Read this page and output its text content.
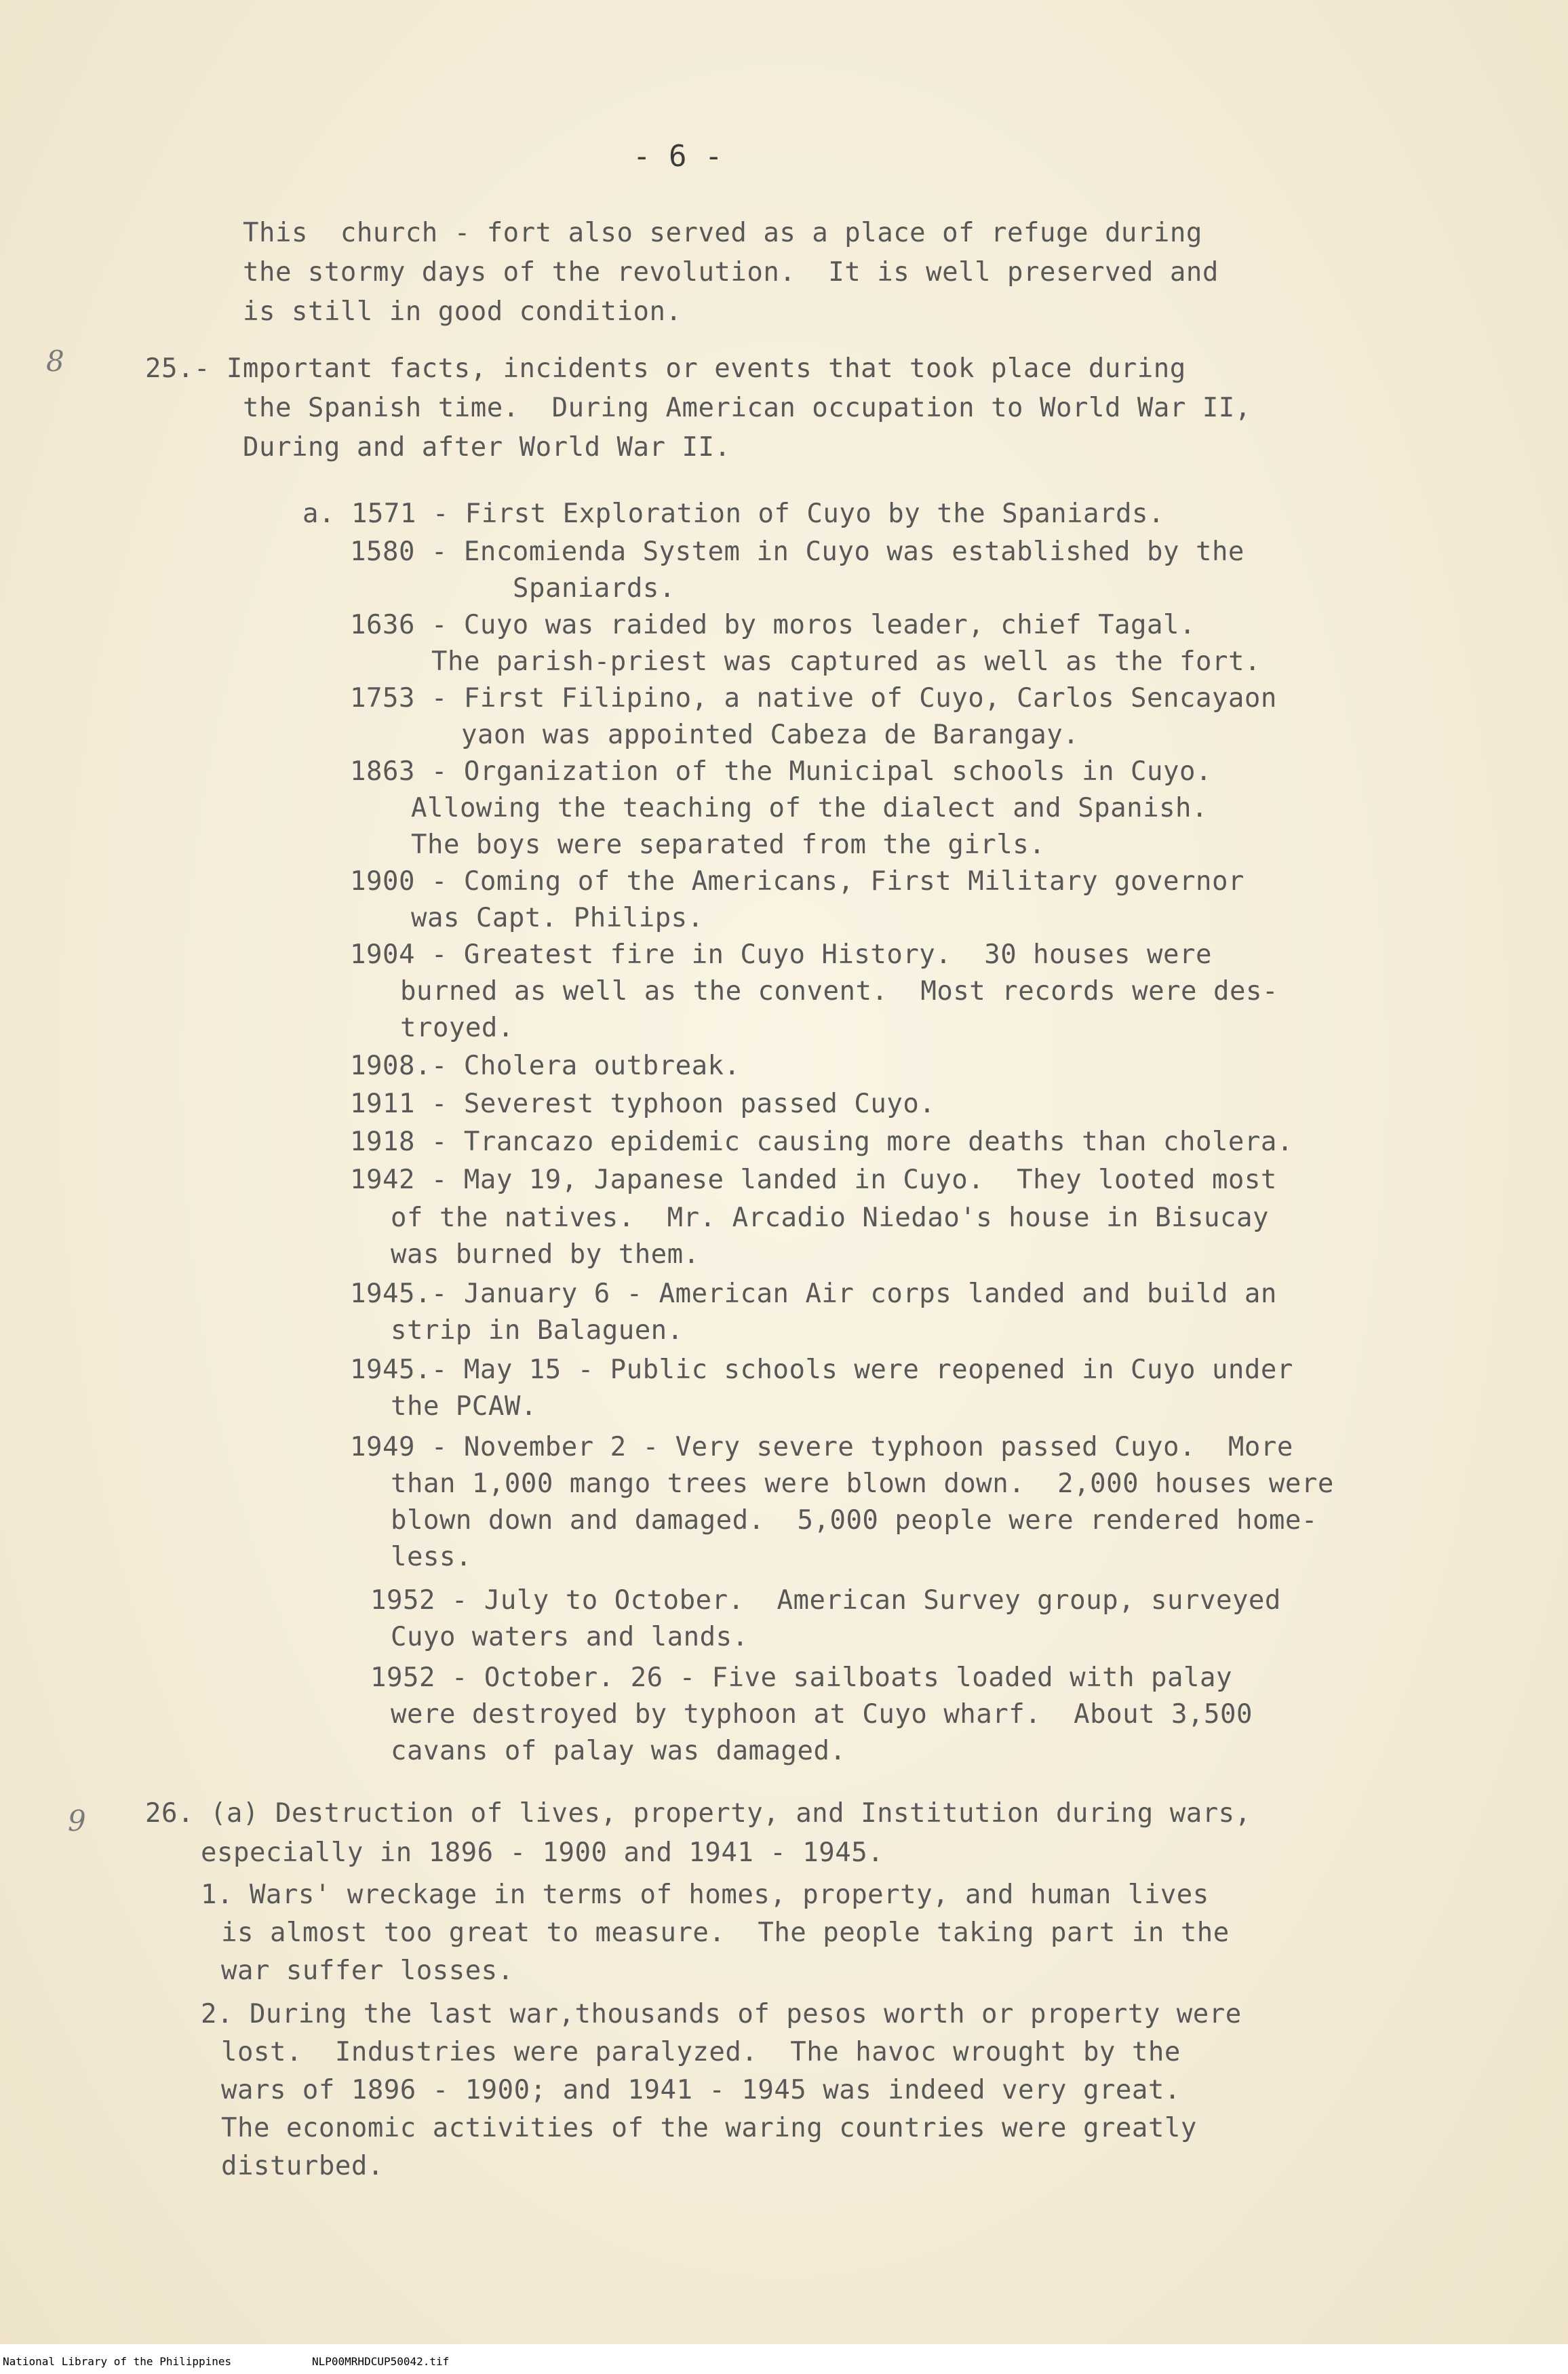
- 6 -
8
9
This  church - fort also served as a place of refuge during
the stormy days of the revolution.  It is well preserved and
is still in good condition.
25.- Important facts, incidents or events that took place during
the Spanish time.  During American occupation to World War II,
During and after World War II.
a. 1571 - First Exploration of Cuyo by the Spaniards.
1580 - Encomienda System in Cuyo was established by the
Spaniards.
1636 - Cuyo was raided by moros leader, chief Tagal.
The parish-priest was captured as well as the fort.
1753 - First Filipino, a native of Cuyo, Carlos Sencayaon
yaon was appointed Cabeza de Barangay.
1863 - Organization of the Municipal schools in Cuyo.
Allowing the teaching of the dialect and Spanish.
The boys were separated from the girls.
1900 - Coming of the Americans, First Military governor
was Capt. Philips.
1904 - Greatest fire in Cuyo History.  30 houses were
burned as well as the convent.  Most records were des-
troyed.
1908.- Cholera outbreak.
1911 - Severest typhoon passed Cuyo.
1918 - Trancazo epidemic causing more deaths than cholera.
1942 - May 19, Japanese landed in Cuyo.  They looted most
of the natives.  Mr. Arcadio Niedao's house in Bisucay
was burned by them.
1945.- January 6 - American Air corps landed and build an
strip in Balaguen.
1945.- May 15 - Public schools were reopened in Cuyo under
the PCAW.
1949 - November 2 - Very severe typhoon passed Cuyo.  More
than 1,000 mango trees were blown down.  2,000 houses were
blown down and damaged.  5,000 people were rendered home-
less.
1952 - July to October.  American Survey group, surveyed
Cuyo waters and lands.
1952 - October. 26 - Five sailboats loaded with palay
were destroyed by typhoon at Cuyo wharf.  About 3,500
cavans of palay was damaged.
26. (a) Destruction of lives, property, and Institution during wars,
especially in 1896 - 1900 and 1941 - 1945.
1. Wars' wreckage in terms of homes, property, and human lives
is almost too great to measure.  The people taking part in the
war suffer losses.
2. During the last war,thousands of pesos worth or property were
lost.  Industries were paralyzed.  The havoc wrought by the
wars of 1896 - 1900; and 1941 - 1945 was indeed very great.
The economic activities of the waring countries were greatly
disturbed.
National Library of the Philippines	NLP00MRHDCUP50042.tif
